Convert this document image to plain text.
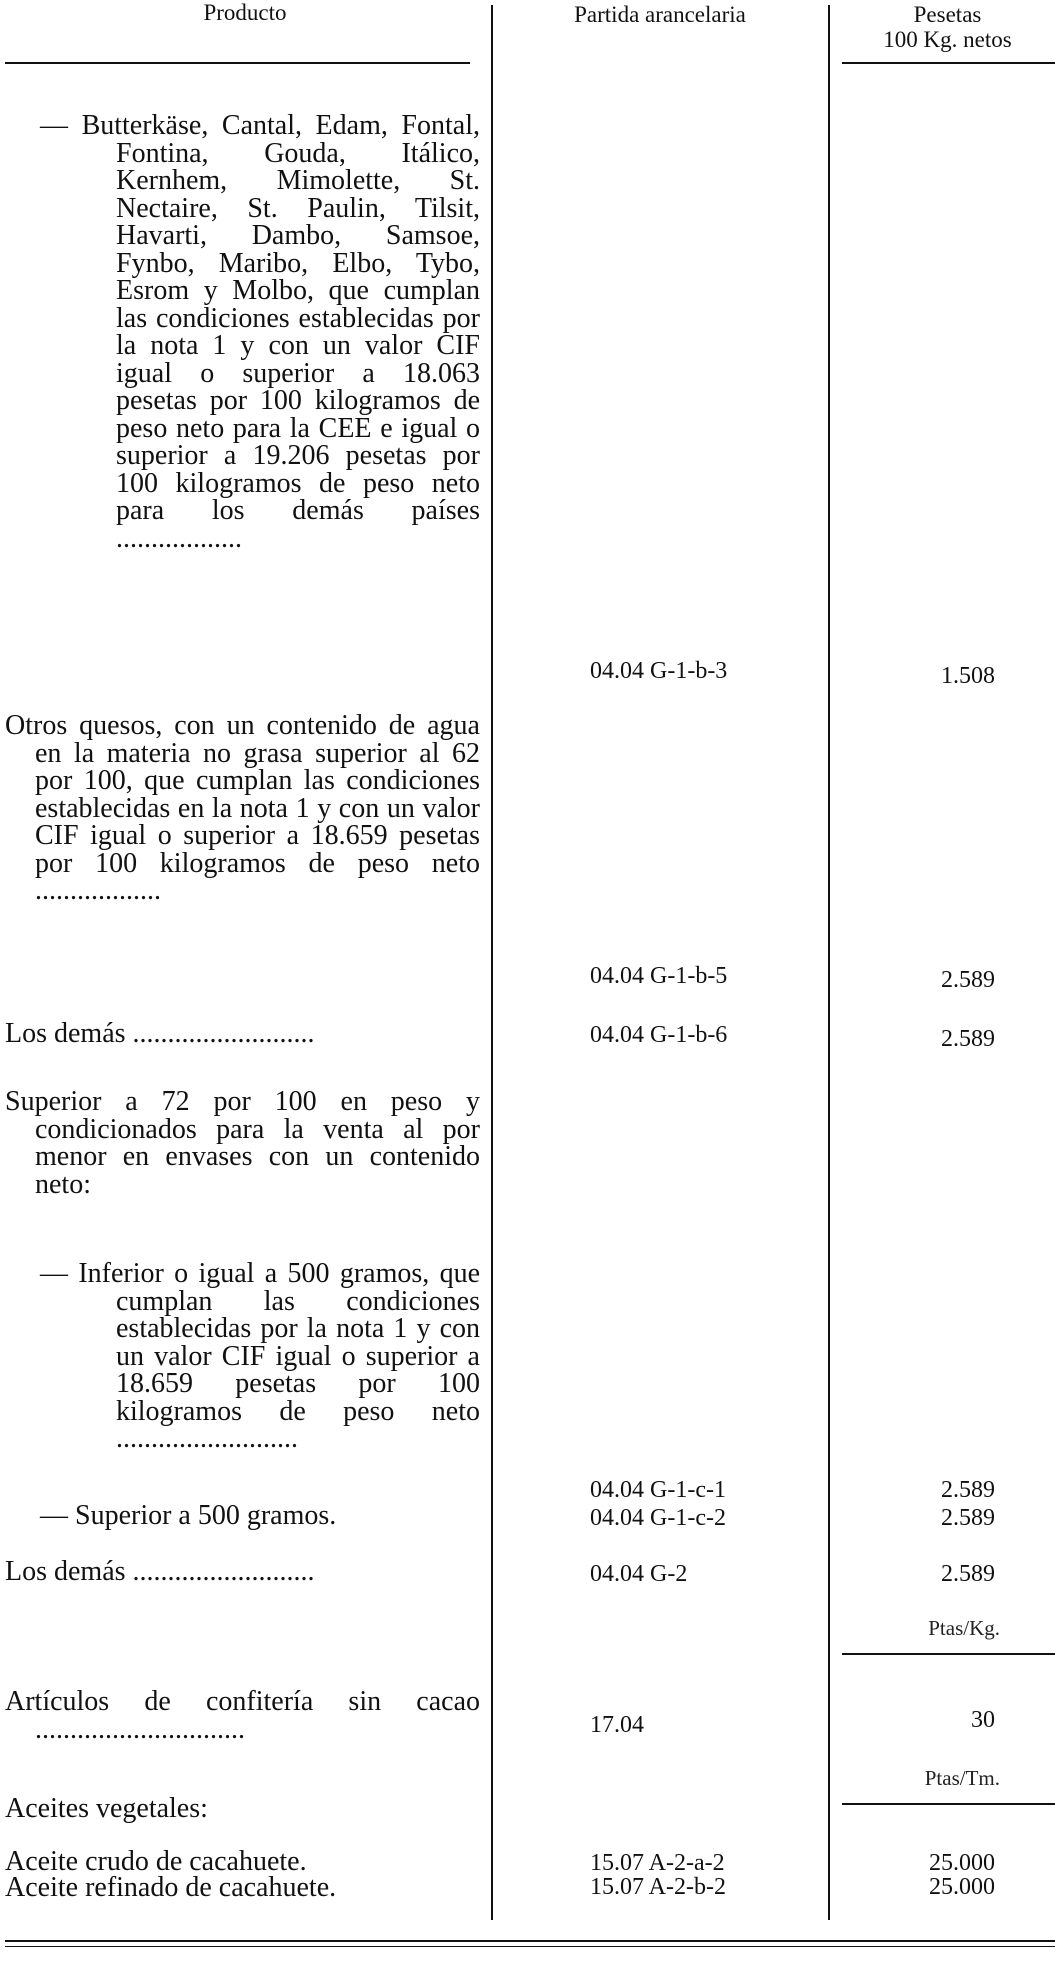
Producto	Partida arancelaria	Pesetas
100 Kg. netos
— Butterkäse, Cantal, Edam, Fontal, Fontina, Gouda, Itálico, Kernhem, Mimolette, St. Nectaire, St. Paulin, Tilsit, Havarti, Dambo, Samsoe, Fynbo, Maribo, Elbo, Tybo, Esrom y Molbo, que cumplan las condiciones establecidas por la nota 1 y con un valor CIF igual o superior a 18.063 pesetas por 100 kilogramos de peso neto para la CEE e igual o superior a 19.206 pesetas por 100 kilogramos de peso neto para los demás países ..................
04.04 G-1-b-3	1.508
Otros quesos, con un contenido de agua en la materia no grasa superior al 62 por 100, que cumplan las condiciones establecidas en la nota 1 y con un valor CIF igual o superior a 18.659 pesetas por 100 kilogramos de peso neto ..................
04.04 G-1-b-5	2.589
Los demás ..........................	04.04 G-1-b-6	2.589
Superior a 72 por 100 en peso y condicionados para la venta al por menor en envases con un contenido neto:
— Inferior o igual a 500 gramos, que cumplan las condiciones establecidas por la nota 1 y con un valor CIF igual o superior a 18.659 pesetas por 100 kilogramos de peso neto ..........................
04.04 G-1-c-1	2.589
— Superior a 500 gramos.	04.04 G-1-c-2	2.589
Los demás ..........................	04.04 G-2	2.589
Ptas/Kg.
Artículos de confitería sin cacao ..............................	17.04	30
Ptas/Tm.
Aceites vegetales:
Aceite crudo de cacahuete.	15.07 A-2-a-2	25.000
Aceite refinado de cacahuete.	15.07 A-2-b-2	25.000
